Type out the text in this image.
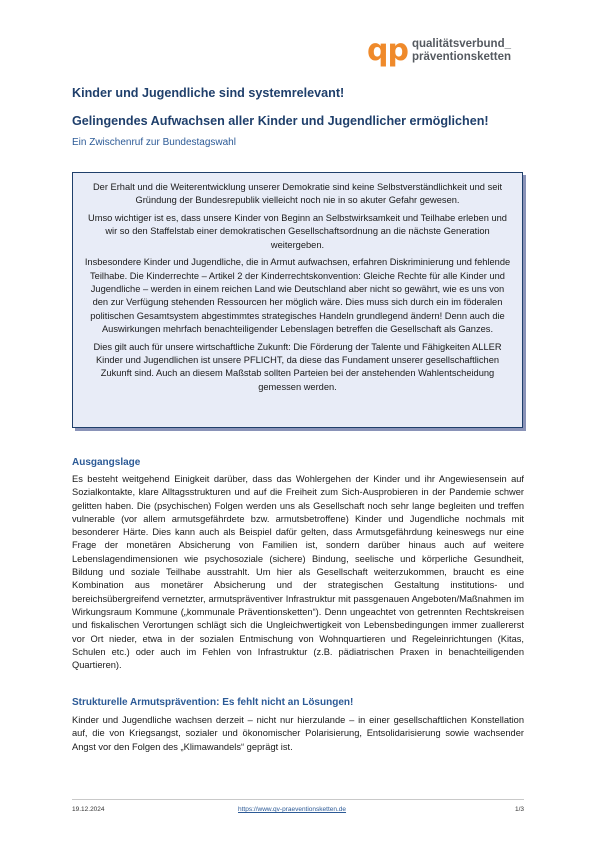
qp qualitätsverbund_
präventionsketten
Kinder und Jugendliche sind systemrelevant!
Gelingendes Aufwachsen aller Kinder und Jugendlicher ermöglichen!

Ein Zwischenruf zur Bundestagswahl

Der Erhalt und die Weiterentwicklung unserer Demokratie sind keine Selbstverständlichkeit und seit Gründung der Bundesrepublik vielleicht noch nie in so akuter Gefahr gewesen.

Umso wichtiger ist es, dass unsere Kinder von Beginn an Selbstwirksamkeit und Teilhabe erleben und wir so den Staffelstab einer demokratischen Gesellschaftsordnung an die nächste Generation weitergeben.

Insbesondere Kinder und Jugendliche, die in Armut aufwachsen, erfahren Diskriminierung und fehlende Teilhabe. Die Kinderrechte – Artikel 2 der Kinderrechtskonvention: Gleiche Rechte für alle Kinder und Jugendliche – werden in einem reichen Land wie Deutschland aber nicht so gewährt, wie es uns von den zur Verfügung stehenden Ressourcen her möglich wäre. Dies muss sich durch ein im föderalen politischen Gesamtsystem abgestimmtes strategisches Handeln grundlegend ändern! Denn auch die Auswirkungen mehrfach benachteiligender Lebenslagen betreffen die Gesellschaft als Ganzes.

Dies gilt auch für unsere wirtschaftliche Zukunft: Die Förderung der Talente und Fähigkeiten ALLER Kinder und Jugendlichen ist unsere PFLICHT, da diese das Fundament unserer gesellschaftlichen Zukunft sind. Auch an diesem Maßstab sollten Parteien bei der anstehenden Wahlentscheidung gemessen werden.

Ausgangslage

Es besteht weitgehend Einigkeit darüber, dass das Wohlergehen der Kinder und ihr Angewiesensein auf Sozialkontakte, klare Alltagsstrukturen und auf die Freiheit zum Sich-Ausprobieren in der Pandemie schwer gelitten haben. Die (psychischen) Folgen werden uns als Gesellschaft noch sehr lange begleiten und treffen vulnerable (vor allem armutsgefährdete bzw. armutsbetroffene) Kinder und Jugendliche nochmals mit besonderer Härte. Dies kann auch als Beispiel dafür gelten, dass Armutsgefährdung keineswegs nur eine Frage der monetären Absicherung von Familien ist, sondern darüber hinaus auch auf weitere Lebenslagendimensionen wie psychosoziale (sichere) Bindung, seelische und körperliche Gesundheit, Bildung und soziale Teilhabe ausstrahlt. Um hier als Gesellschaft weiterzukommen, braucht es eine Kombination aus monetärer Absicherung und der strategischen Gestaltung institutions- und bereichsübergreifend vernetzter, armutspräventiver Infrastruktur mit passgenauen Angeboten/Maßnahmen im Wirkungsraum Kommune („kommunale Präventionsketten“). Denn ungeachtet von getrennten Rechtskreisen und fiskalischen Verortungen schlägt sich die Ungleichwertigkeit von Lebensbedingungen immer zuallererst vor Ort nieder, etwa in der sozialen Entmischung von Wohnquartieren und Regeleinrichtungen (Kitas, Schulen etc.) oder auch im Fehlen von Infrastruktur (z.B. pädiatrischen Praxen in benachteiligenden Quartieren).

Strukturelle Armutsprävention: Es fehlt nicht an Lösungen!

Kinder und Jugendliche wachsen derzeit – nicht nur hierzulande – in einer gesellschaftlichen Konstellation auf, die von Kriegsangst, sozialer und ökonomischer Polarisierung, Entsolidarisierung sowie wachsender Angst vor den Folgen des „Klimawandels“ geprägt ist.

19.12.2024	https://www.qv-praeventionsketten.de	1/3
